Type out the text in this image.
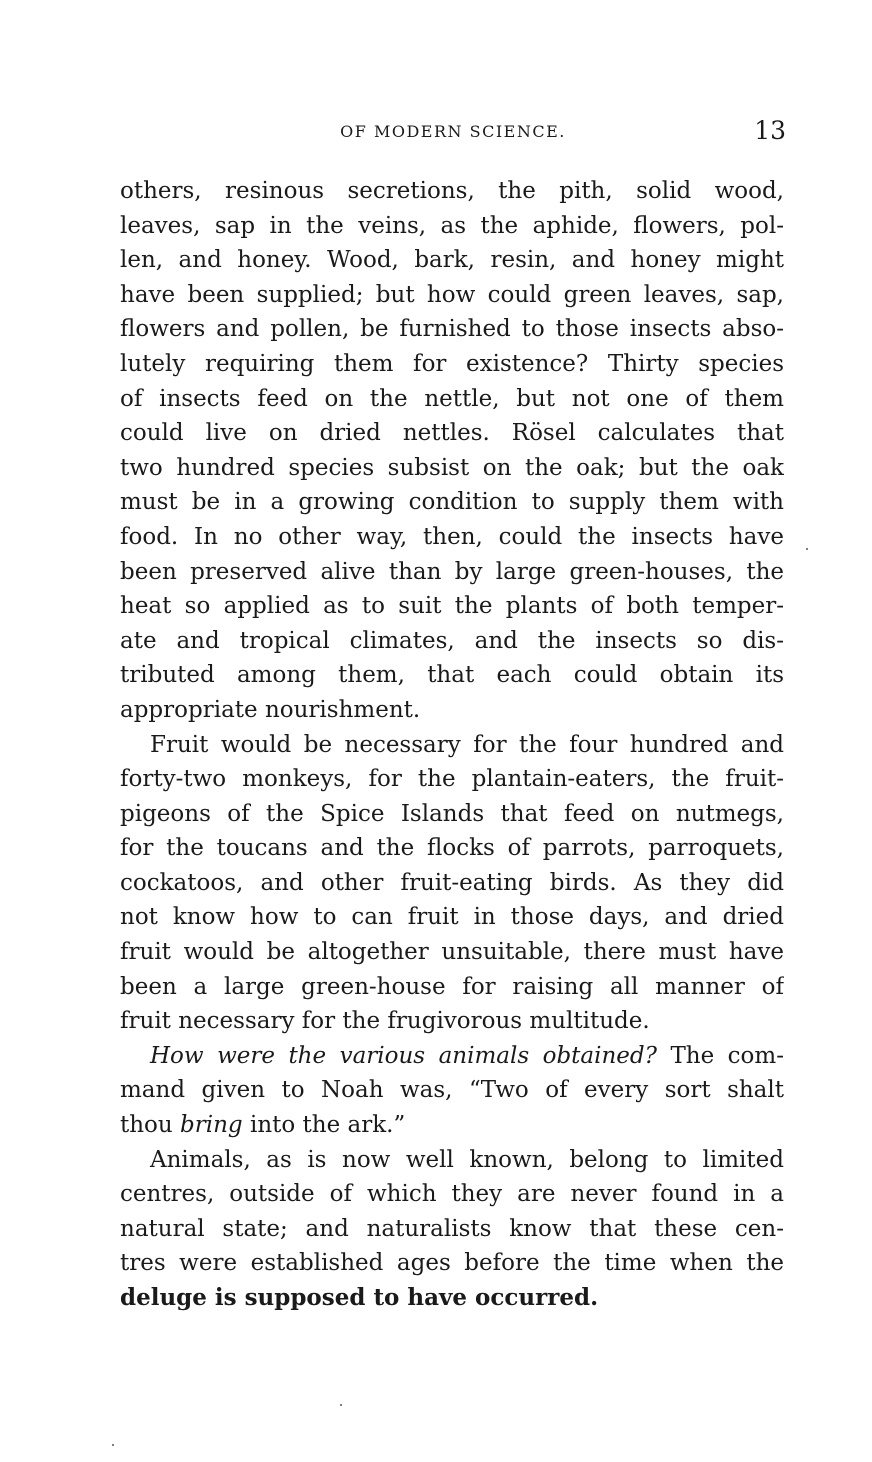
OF MODERN SCIENCE.	13
others, resinous secretions, the pith, solid wood,
leaves, sap in the veins, as the aphide, flowers, pol-
len, and honey. Wood, bark, resin, and honey might
have been supplied; but how could green leaves, sap,
flowers and pollen, be furnished to those insects abso-
lutely requiring them for existence? Thirty species
of insects feed on the nettle, but not one of them
could live on dried nettles. Rösel calculates that
two hundred species subsist on the oak; but the oak
must be in a growing condition to supply them with
food. In no other way, then, could the insects have
been preserved alive than by large green-houses, the
heat so applied as to suit the plants of both temper-
ate and tropical climates, and the insects so dis-
tributed among them, that each could obtain its
appropriate nourishment.
Fruit would be necessary for the four hundred and
forty-two monkeys, for the plantain-eaters, the fruit-
pigeons of the Spice Islands that feed on nutmegs,
for the toucans and the flocks of parrots, parroquets,
cockatoos, and other fruit-eating birds. As they did
not know how to can fruit in those days, and dried
fruit would be altogether unsuitable, there must have
been a large green-house for raising all manner of
fruit necessary for the frugivorous multitude.
How were the various animals obtained? The com-
mand given to Noah was, “Two of every sort shalt
thou bring into the ark.”
Animals, as is now well known, belong to limited
centres, outside of which they are never found in a
natural state; and naturalists know that these cen-
tres were established ages before the time when the
deluge is supposed to have occurred.
